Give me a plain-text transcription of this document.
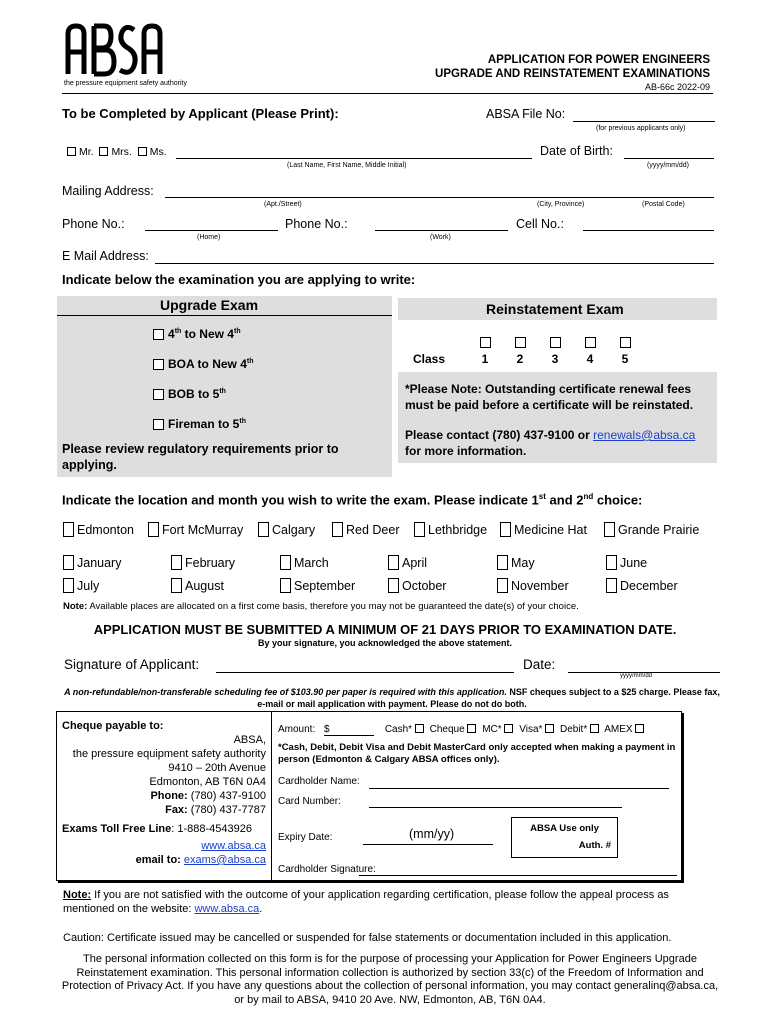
the pressure equipment safety authority
APPLICATION FOR POWER ENGINEERS
UPGRADE AND REINSTATEMENT EXAMINATIONS
AB-66c 2022-09
To be Completed by Applicant (Please Print):	ABSA File No:
(for previous applicants only)
Mr. Mrs. Ms.
(Last Name, First Name, Middle Initial)
Date of Birth:
(yyyy/mm/dd)
Mailing Address:
(Apt./Street)	(City, Province)	(Postal Code)
Phone No.:
(Home)
Phone No.:
(Work)
Cell No.:
E Mail Address:
Indicate below the examination you are applying to write:
Upgrade Exam
4th to New 4th
BOA to New 4th
BOB to 5th
Fireman to 5th
Please review regulatory requirements prior to applying.
Reinstatement Exam
Class	1	2	3	4	5
*Please Note: Outstanding certificate renewal fees must be paid before a certificate will be reinstated.
Please contact (780) 437-9100 or renewals@absa.ca
for more information.
Indicate the location and month you wish to write the exam. Please indicate 1st and 2nd choice:
Edmonton	Fort McMurray	Calgary	Red Deer	Lethbridge	Medicine Hat	Grande Prairie
January	February	March	April	May	June
July	August	September	October	November	December
Note: Available places are allocated on a first come basis, therefore you may not be guaranteed the date(s) of your choice.
APPLICATION MUST BE SUBMITTED A MINIMUM OF 21 DAYS PRIOR TO EXAMINATION DATE.
By your signature, you acknowledged the above statement.
Signature of Applicant:	Date:
yyyy/mm/dd
A non-refundable/non-transferable scheduling fee of $103.90 per paper is required with this application. NSF cheques subject to a $25 charge. Please fax, e-mail or mail application with payment. Please do not do both.
Cheque payable to:
ABSA,
the pressure equipment safety authority
9410 – 20th Avenue
Edmonton, AB T6N 0A4
Phone: (780) 437-9100
Fax: (780) 437-7787
Exams Toll Free Line: 1-888-4543926
www.absa.ca
email to: exams@absa.ca
Amount: $	Cash* Cheque MC* Visa* Debit* AMEX
*Cash, Debit, Debit Visa and Debit MasterCard only accepted when making a payment in person (Edmonton & Calgary ABSA offices only).
Cardholder Name:
Card Number:
Expiry Date:	(mm/yy)	ABSA Use only
Auth. #
Cardholder Signature:
Note: If you are not satisfied with the outcome of your application regarding certification, please follow the appeal process as mentioned on the website: www.absa.ca.
Caution: Certificate issued may be cancelled or suspended for false statements or documentation included in this application.
The personal information collected on this form is for the purpose of processing your Application for Power Engineers Upgrade Reinstatement examination. This personal information collection is authorized by section 33(c) of the Freedom of Information and Protection of Privacy Act. If you have any questions about the collection of personal information, you may contact generalinq@absa.ca, or by mail to ABSA, 9410 20 Ave. NW, Edmonton, AB, T6N 0A4.
